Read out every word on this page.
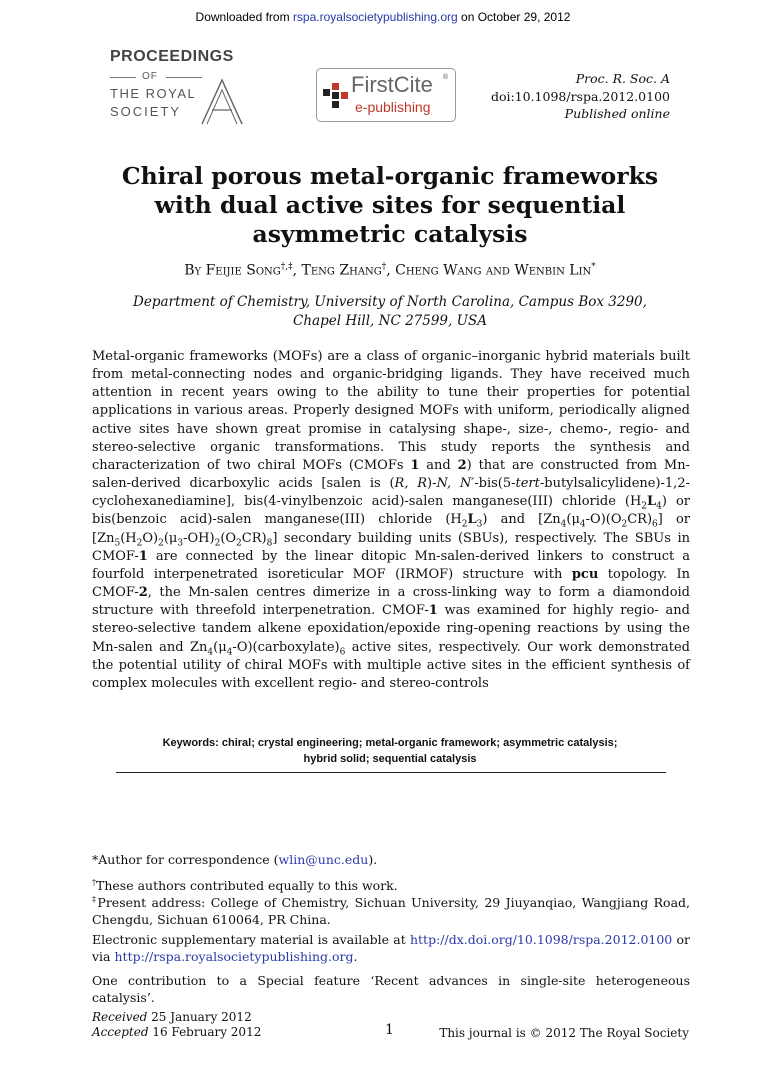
Downloaded from rspa.royalsocietypublishing.org on October 29, 2012
PROCEEDINGS
OF
THE ROYAL
SOCIETY
FirstCite ®
e-publishing
Proc. R. Soc. A
doi:10.1098/rspa.2012.0100
Published online
Chiral porous metal-organic frameworks with dual active sites for sequential asymmetric catalysis
By Feijie Song†,‡, Teng Zhang†, Cheng Wang and Wenbin Lin*
Department of Chemistry, University of North Carolina, Campus Box 3290,
Chapel Hill, NC 27599, USA

Metal-organic frameworks (MOFs) are a class of organic–inorganic hybrid materials built from metal-connecting nodes and organic-bridging ligands. They have received much attention in recent years owing to the ability to tune their properties for potential applications in various areas. Properly designed MOFs with uniform, periodically aligned active sites have shown great promise in catalysing shape-, size-, chemo-, regio- and stereo-selective organic transformations. This study reports the synthesis and characterization of two chiral MOFs (CMOFs 1 and 2) that are constructed from Mn-salen-derived dicarboxylic acids [salen is (R, R)-N, N′-bis(5-tert-butylsalicylidene)-1,2-cyclohexanediamine], bis(4-vinylbenzoic acid)-salen manganese(III) chloride $(H_2L_4)$ or bis(benzoic acid)-salen manganese(III) chloride $(H_2L_3)$ and $[Zn_4(\mu_4-O)(O_2CR)_6]$ or $[Zn_5(H_2O)_2(\mu_3-OH)_2(O_2CR)_8]$ secondary building units (SBUs), respectively. The SBUs in CMOF-1 are connected by the linear ditopic Mn-salen-derived linkers to construct a fourfold interpenetrated isoreticular MOF (IRMOF) structure with pcu topology. In CMOF-2, the Mn-salen centres dimerize in a cross-linking way to form a diamondoid structure with threefold interpenetration. CMOF-1 was examined for highly regio- and stereo-selective tandem alkene epoxidation/epoxide ring-opening reactions by using the Mn-salen and $Zn_4(\mu_4-O)(carboxylate)_6$ active sites, respectively. Our work demonstrated the potential utility of chiral MOFs with multiple active sites in the efficient synthesis of complex molecules with excellent regio- and stereo-controls

Keywords: chiral; crystal engineering; metal-organic framework; asymmetric catalysis;
hybrid solid; sequential catalysis
*Author for correspondence (wlin@unc.edu).
†These authors contributed equally to this work.
‡Present address: College of Chemistry, Sichuan University, 29 Jiuyanqiao, Wangjiang Road, Chengdu, Sichuan 610064, PR China.
Electronic supplementary material is available at http://dx.doi.org/10.1098/rspa.2012.0100 or via http://rspa.royalsocietypublishing.org.
One contribution to a Special feature ‘Recent advances in single-site heterogeneous catalysis’.
Received 25 January 2012
Accepted 16 February 2012	1	This journal is © 2012 The Royal Society
